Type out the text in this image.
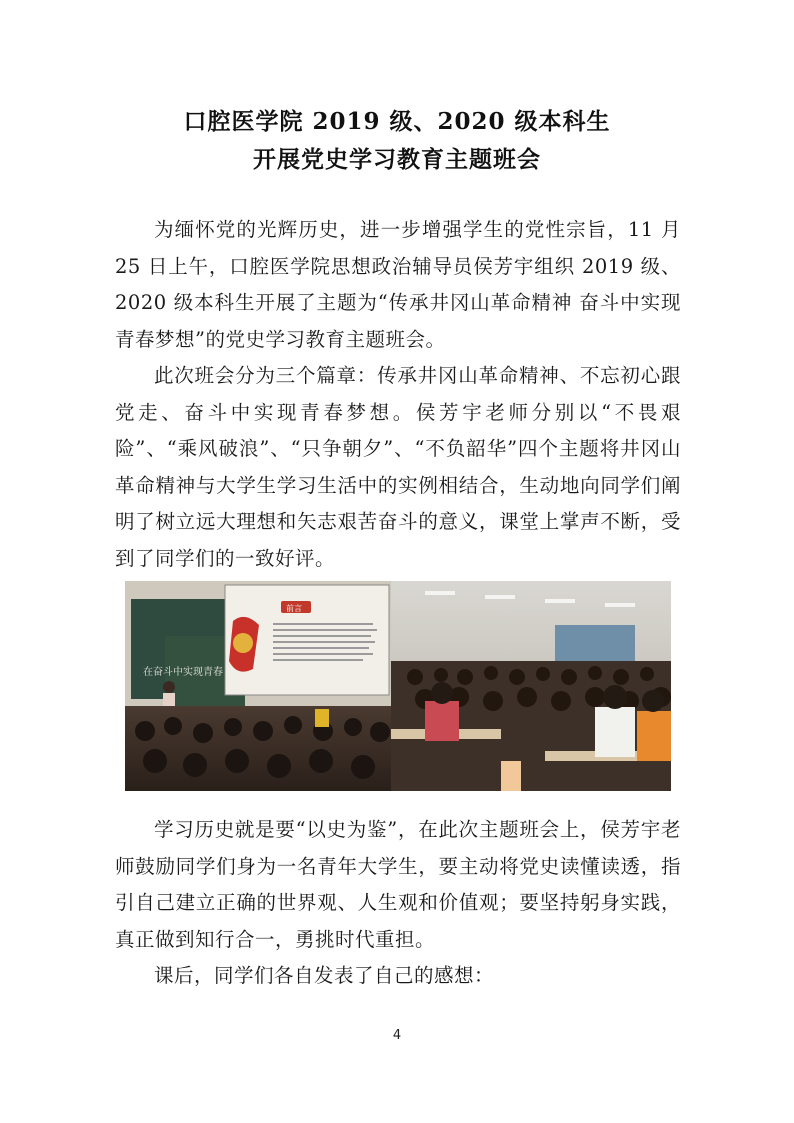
口腔医学院 2019 级、2020 级本科生
开展党史学习教育主题班会

为缅怀党的光辉历史，进一步增强学生的党性宗旨，11 月 25 日上午，口腔医学院思想政治辅导员侯芳宇组织 2019 级、2020 级本科生开展了主题为“传承井冈山革命精神 奋斗中实现青春梦想”的党史学习教育主题班会。

此次班会分为三个篇章：传承井冈山革命精神、不忘初心跟党走、奋斗中实现青春梦想。侯芳宇老师分别以“不畏艰险”、“乘风破浪”、“只争朝夕”、“不负韶华”四个主题将井冈山革命精神与大学生学习生活中的实例相结合，生动地向同学们阐明了树立远大理想和矢志艰苦奋斗的意义，课堂上掌声不断，受到了同学们的一致好评。

在奋斗中实现青春
前言

学习历史就是要“以史为鉴”，在此次主题班会上，侯芳宇老师鼓励同学们身为一名青年大学生，要主动将党史读懂读透，指引自己建立正确的世界观、人生观和价值观；要坚持躬身实践，真正做到知行合一，勇挑时代重担。

课后，同学们各自发表了自己的感想：

4
